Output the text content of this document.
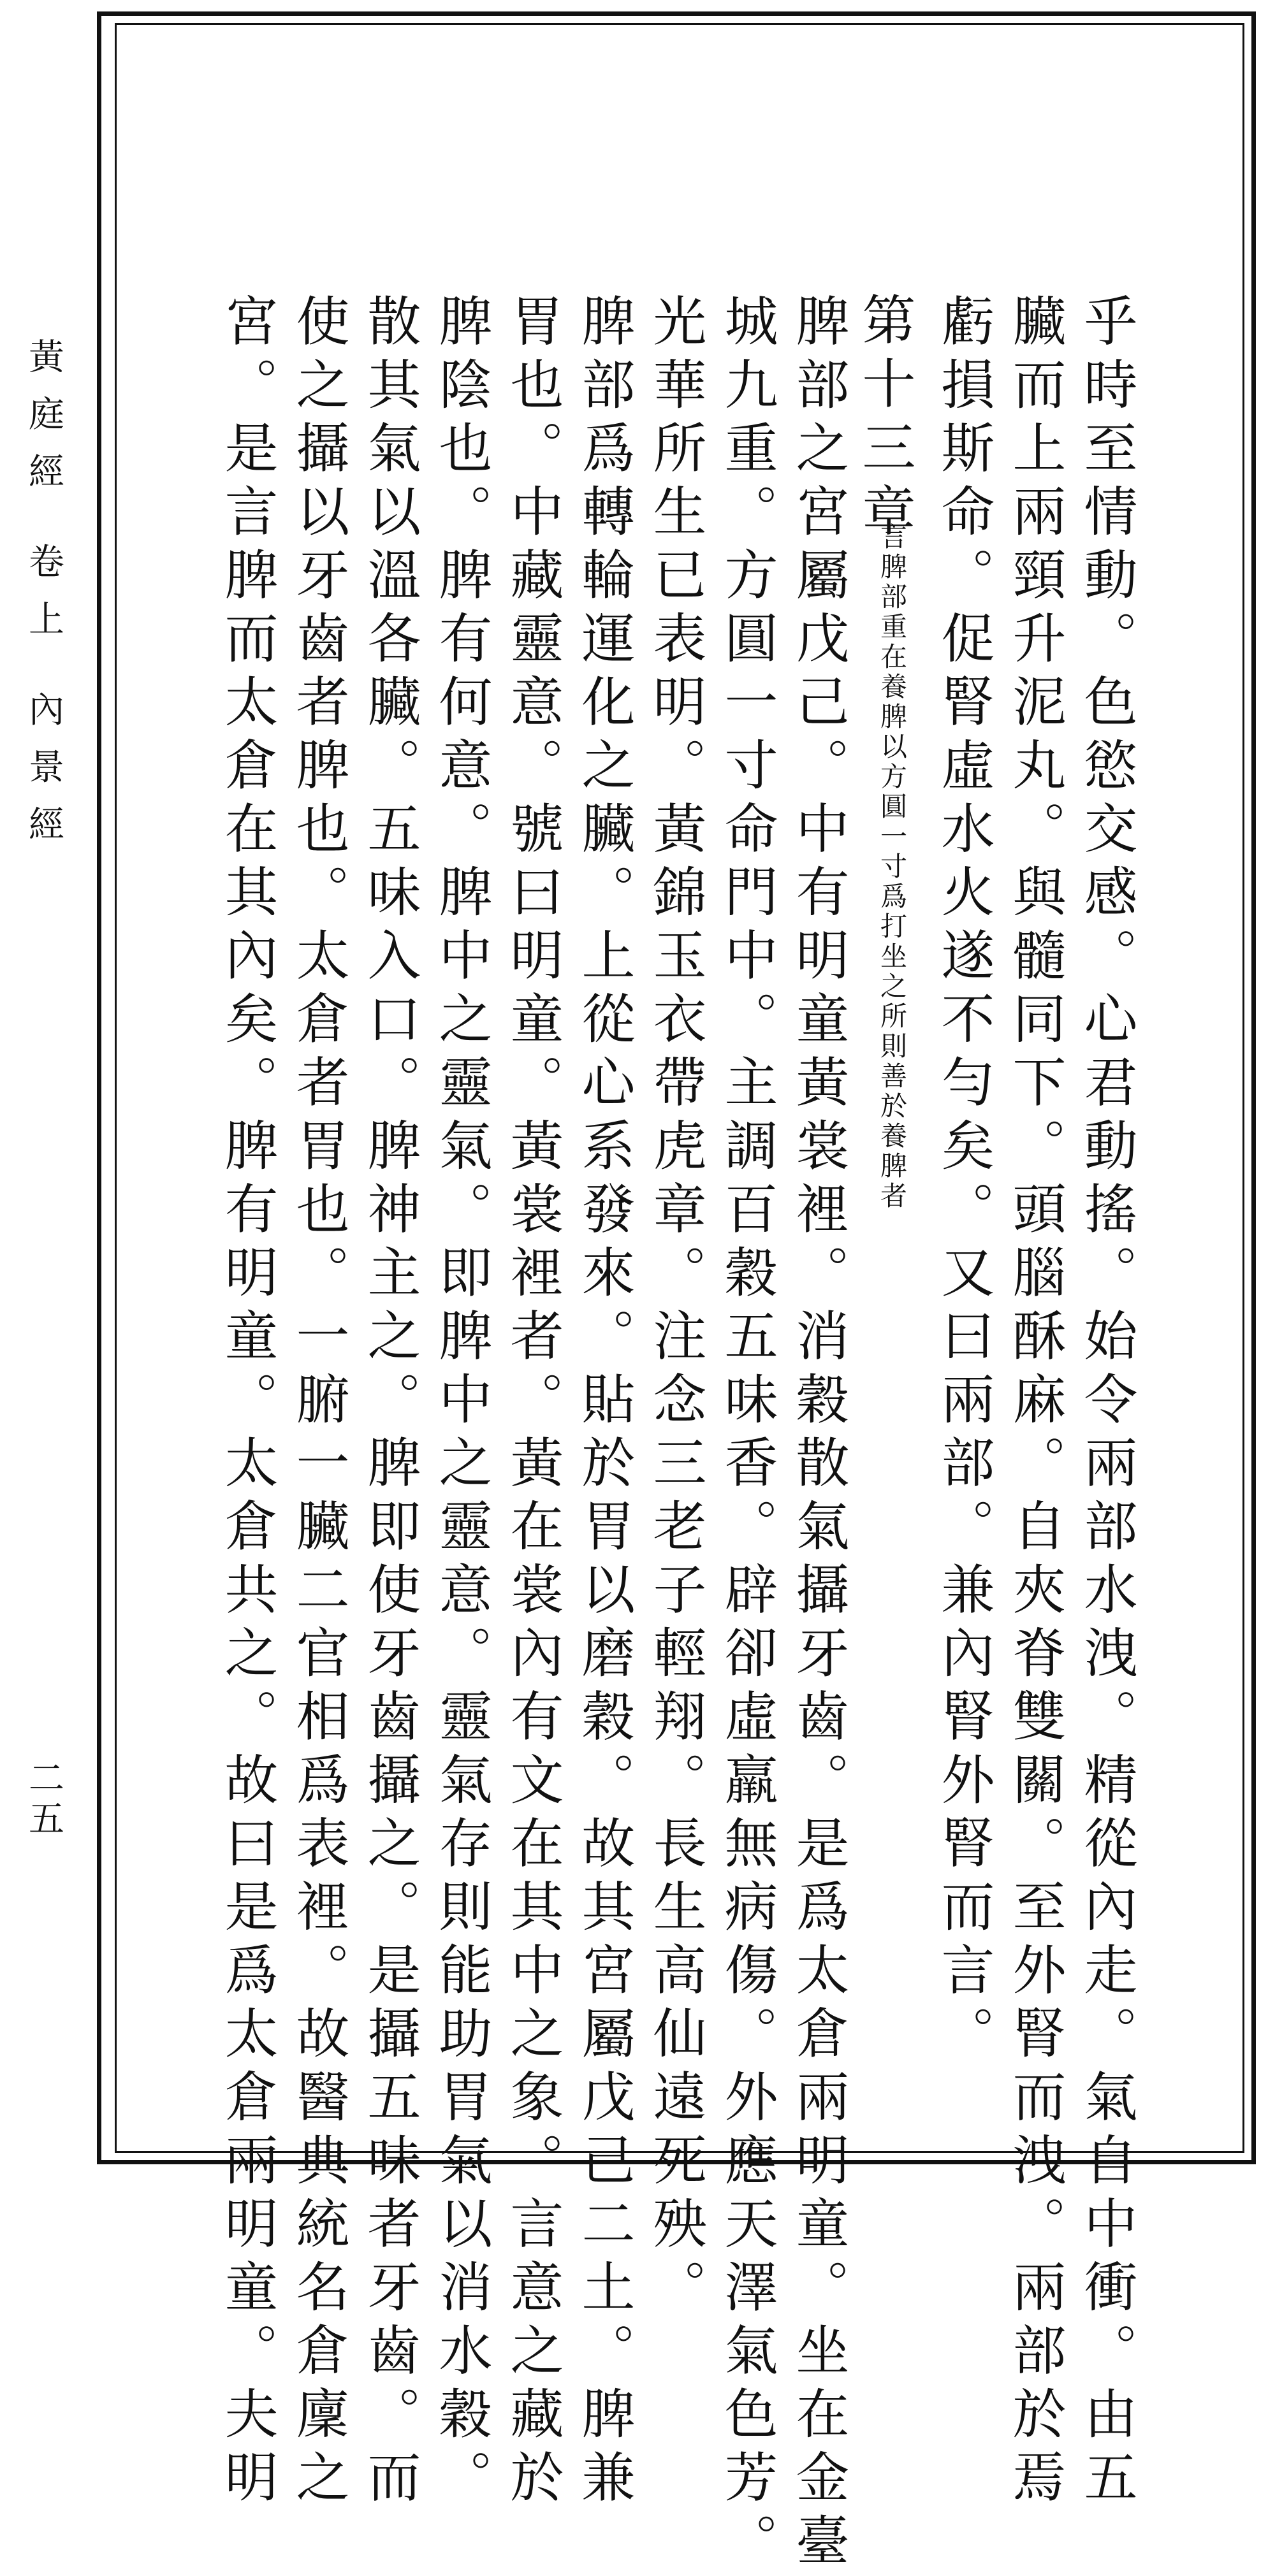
黃庭經 卷上 內景經
二五	乎時至情動。色慾交感。心君動搖。始令兩部水洩。精從內走。氣自中衝。由五
臟而上兩頸升泥丸。與髓同下。頭腦酥麻。自夾脊雙關。至外腎而洩。兩部於焉
虧損斯命。促腎虛水火遂不勻矣。又曰兩部。兼內腎外腎而言。
第十三章
言脾部重在養脾以方圓一寸爲打坐之所則善於養脾者
脾部之宮屬戊己。中有明童黃裳裡。消穀散氣攝牙齒。是爲太倉兩明童。坐在金臺
城九重。方圓一寸命門中。主調百穀五味香。辟卻虛羸無病傷。外應天澤氣色芳。
光華所生已表明。黃錦玉衣帶虎章。注念三老子輕翔。長生高仙遠死殃。
脾部爲轉輪運化之臟。上從心系發來。貼於胃以磨穀。故其宮屬戊己二土。脾兼
胃也。中藏靈意。號曰明童。黃裳裡者。黃在裳內有文在其中之象。言意之藏於
脾陰也。脾有何意。脾中之靈氣。即脾中之靈意。靈氣存則能助胃氣以消水穀。
散其氣以溫各臟。五味入口。脾神主之。脾即使牙齒攝之。是攝五味者牙齒。而
使之攝以牙齒者脾也。太倉者胃也。一腑一臟二官相爲表裡。故醫典統名倉廩之
宮。是言脾而太倉在其內矣。脾有明童。太倉共之。故曰是爲太倉兩明童。夫明
